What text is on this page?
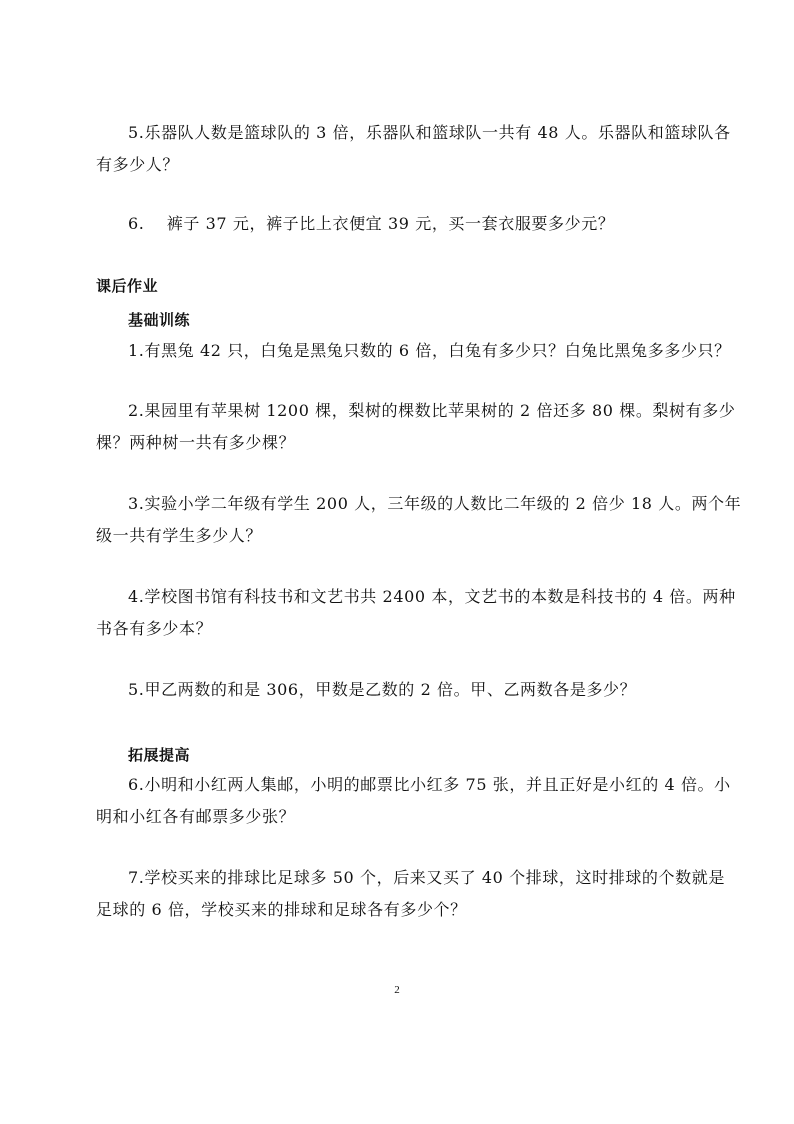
5.乐器队人数是篮球队的 3 倍，乐器队和篮球队一共有 48 人。乐器队和篮球队各
有多少人？
6.　 裤子 37 元，裤子比上衣便宜 39 元，买一套衣服要多少元？
课后作业
基础训练
1.有黑兔 42 只，白兔是黑兔只数的 6 倍，白兔有多少只？白兔比黑兔多多少只？
2.果园里有苹果树 1200 棵，梨树的棵数比苹果树的 2 倍还多 80 棵。梨树有多少
棵？两种树一共有多少棵？
3.实验小学二年级有学生 200 人，三年级的人数比二年级的 2 倍少 18 人。两个年
级一共有学生多少人？
4.学校图书馆有科技书和文艺书共 2400 本，文艺书的本数是科技书的 4 倍。两种
书各有多少本？
5.甲乙两数的和是 306，甲数是乙数的 2 倍。甲、乙两数各是多少？
拓展提高
6.小明和小红两人集邮，小明的邮票比小红多 75 张，并且正好是小红的 4 倍。小
明和小红各有邮票多少张？
7.学校买来的排球比足球多 50 个，后来又买了 40 个排球，这时排球的个数就是
足球的 6 倍，学校买来的排球和足球各有多少个？
2
